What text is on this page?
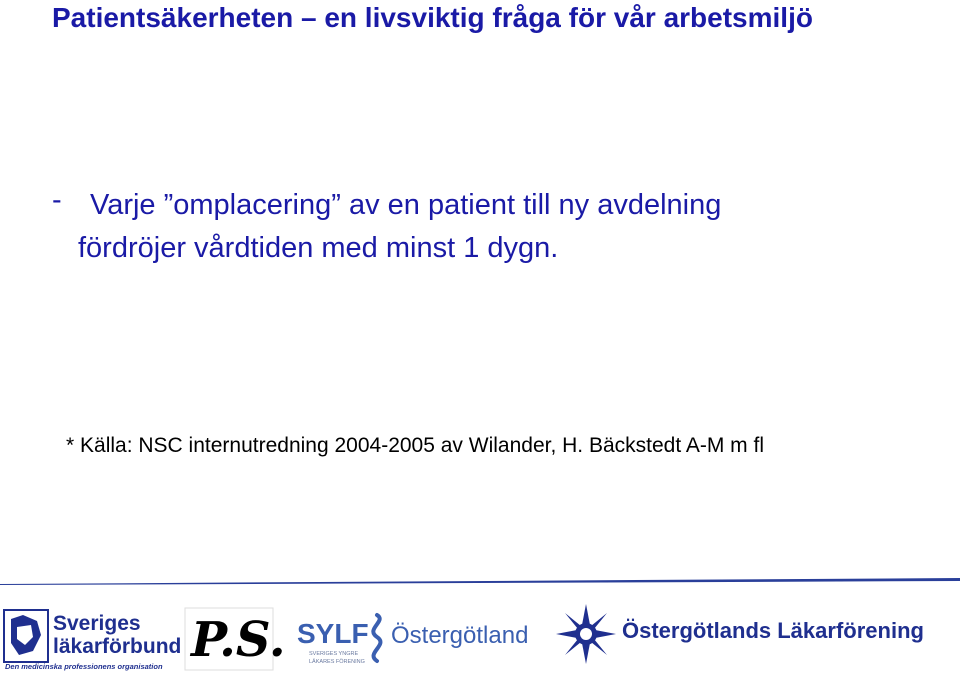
Patientsäkerheten – en livsviktig fråga för vår arbetsmiljö
- Varje ”omplacering” av en patient till ny avdelning
fördröjer vårdtiden med minst 1 dygn.
* Källa: NSC internutredning 2004-2005 av Wilander, H. Bäckstedt A-M m fl
Sveriges
läkarförbund
Den medicinska professionens organisation P.S. SYLF
SVERIGES YNGRE
LÄKARES FÖRENING
Östergötland	Östergötlands Läkarförening
